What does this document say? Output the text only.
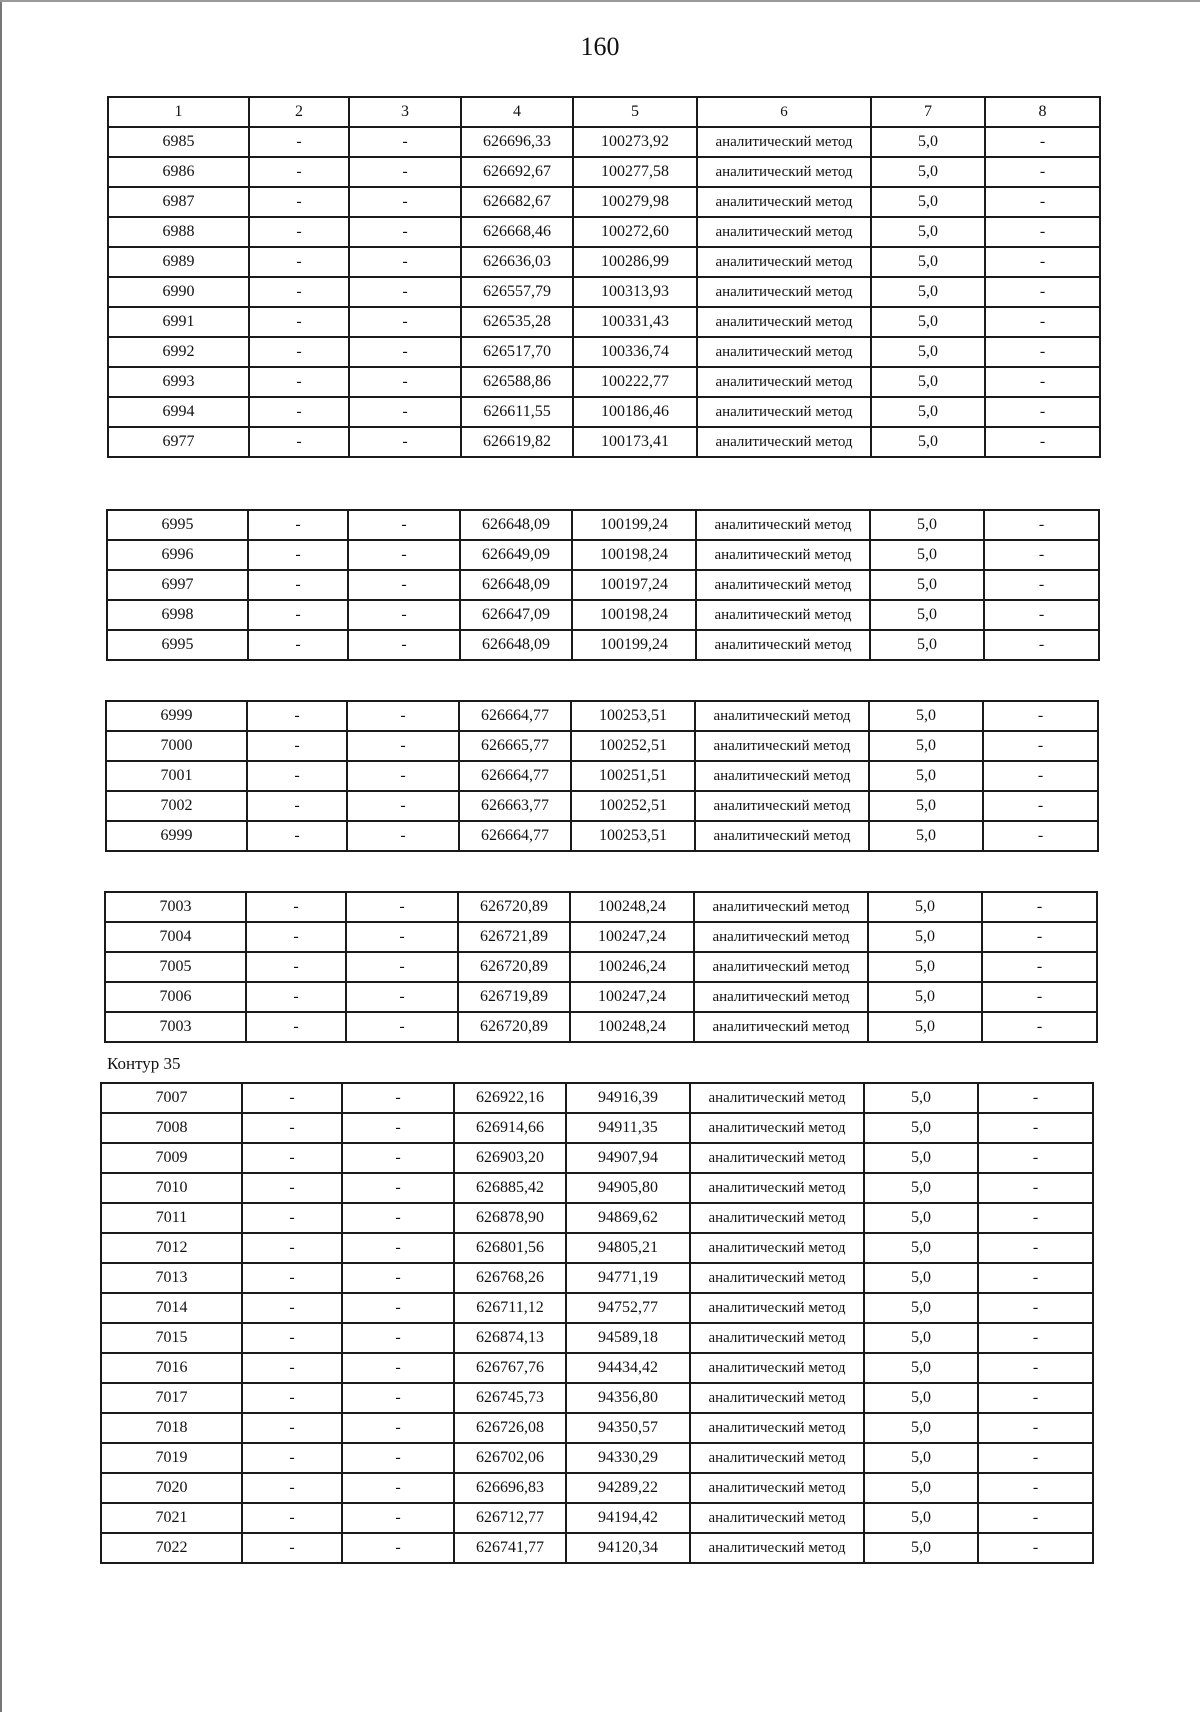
160
1	2	3	4	5	6	7	8
6985	-	-	626696,33	100273,92	аналитический метод	5,0	-
6986	-	-	626692,67	100277,58	аналитический метод	5,0	-
6987	-	-	626682,67	100279,98	аналитический метод	5,0	-
6988	-	-	626668,46	100272,60	аналитический метод	5,0	-
6989	-	-	626636,03	100286,99	аналитический метод	5,0	-
6990	-	-	626557,79	100313,93	аналитический метод	5,0	-
6991	-	-	626535,28	100331,43	аналитический метод	5,0	-
6992	-	-	626517,70	100336,74	аналитический метод	5,0	-
6993	-	-	626588,86	100222,77	аналитический метод	5,0	-
6994	-	-	626611,55	100186,46	аналитический метод	5,0	-
6977	-	-	626619,82	100173,41	аналитический метод	5,0	-
6995	-	-	626648,09	100199,24	аналитический метод	5,0	-
6996	-	-	626649,09	100198,24	аналитический метод	5,0	-
6997	-	-	626648,09	100197,24	аналитический метод	5,0	-
6998	-	-	626647,09	100198,24	аналитический метод	5,0	-
6995	-	-	626648,09	100199,24	аналитический метод	5,0	-
6999	-	-	626664,77	100253,51	аналитический метод	5,0	-
7000	-	-	626665,77	100252,51	аналитический метод	5,0	-
7001	-	-	626664,77	100251,51	аналитический метод	5,0	-
7002	-	-	626663,77	100252,51	аналитический метод	5,0	-
6999	-	-	626664,77	100253,51	аналитический метод	5,0	-
7003	-	-	626720,89	100248,24	аналитический метод	5,0	-
7004	-	-	626721,89	100247,24	аналитический метод	5,0	-
7005	-	-	626720,89	100246,24	аналитический метод	5,0	-
7006	-	-	626719,89	100247,24	аналитический метод	5,0	-
7003	-	-	626720,89	100248,24	аналитический метод	5,0	-
Контур 35
7007	-	-	626922,16	94916,39	аналитический метод	5,0	-
7008	-	-	626914,66	94911,35	аналитический метод	5,0	-
7009	-	-	626903,20	94907,94	аналитический метод	5,0	-
7010	-	-	626885,42	94905,80	аналитический метод	5,0	-
7011	-	-	626878,90	94869,62	аналитический метод	5,0	-
7012	-	-	626801,56	94805,21	аналитический метод	5,0	-
7013	-	-	626768,26	94771,19	аналитический метод	5,0	-
7014	-	-	626711,12	94752,77	аналитический метод	5,0	-
7015	-	-	626874,13	94589,18	аналитический метод	5,0	-
7016	-	-	626767,76	94434,42	аналитический метод	5,0	-
7017	-	-	626745,73	94356,80	аналитический метод	5,0	-
7018	-	-	626726,08	94350,57	аналитический метод	5,0	-
7019	-	-	626702,06	94330,29	аналитический метод	5,0	-
7020	-	-	626696,83	94289,22	аналитический метод	5,0	-
7021	-	-	626712,77	94194,42	аналитический метод	5,0	-
7022	-	-	626741,77	94120,34	аналитический метод	5,0	-
